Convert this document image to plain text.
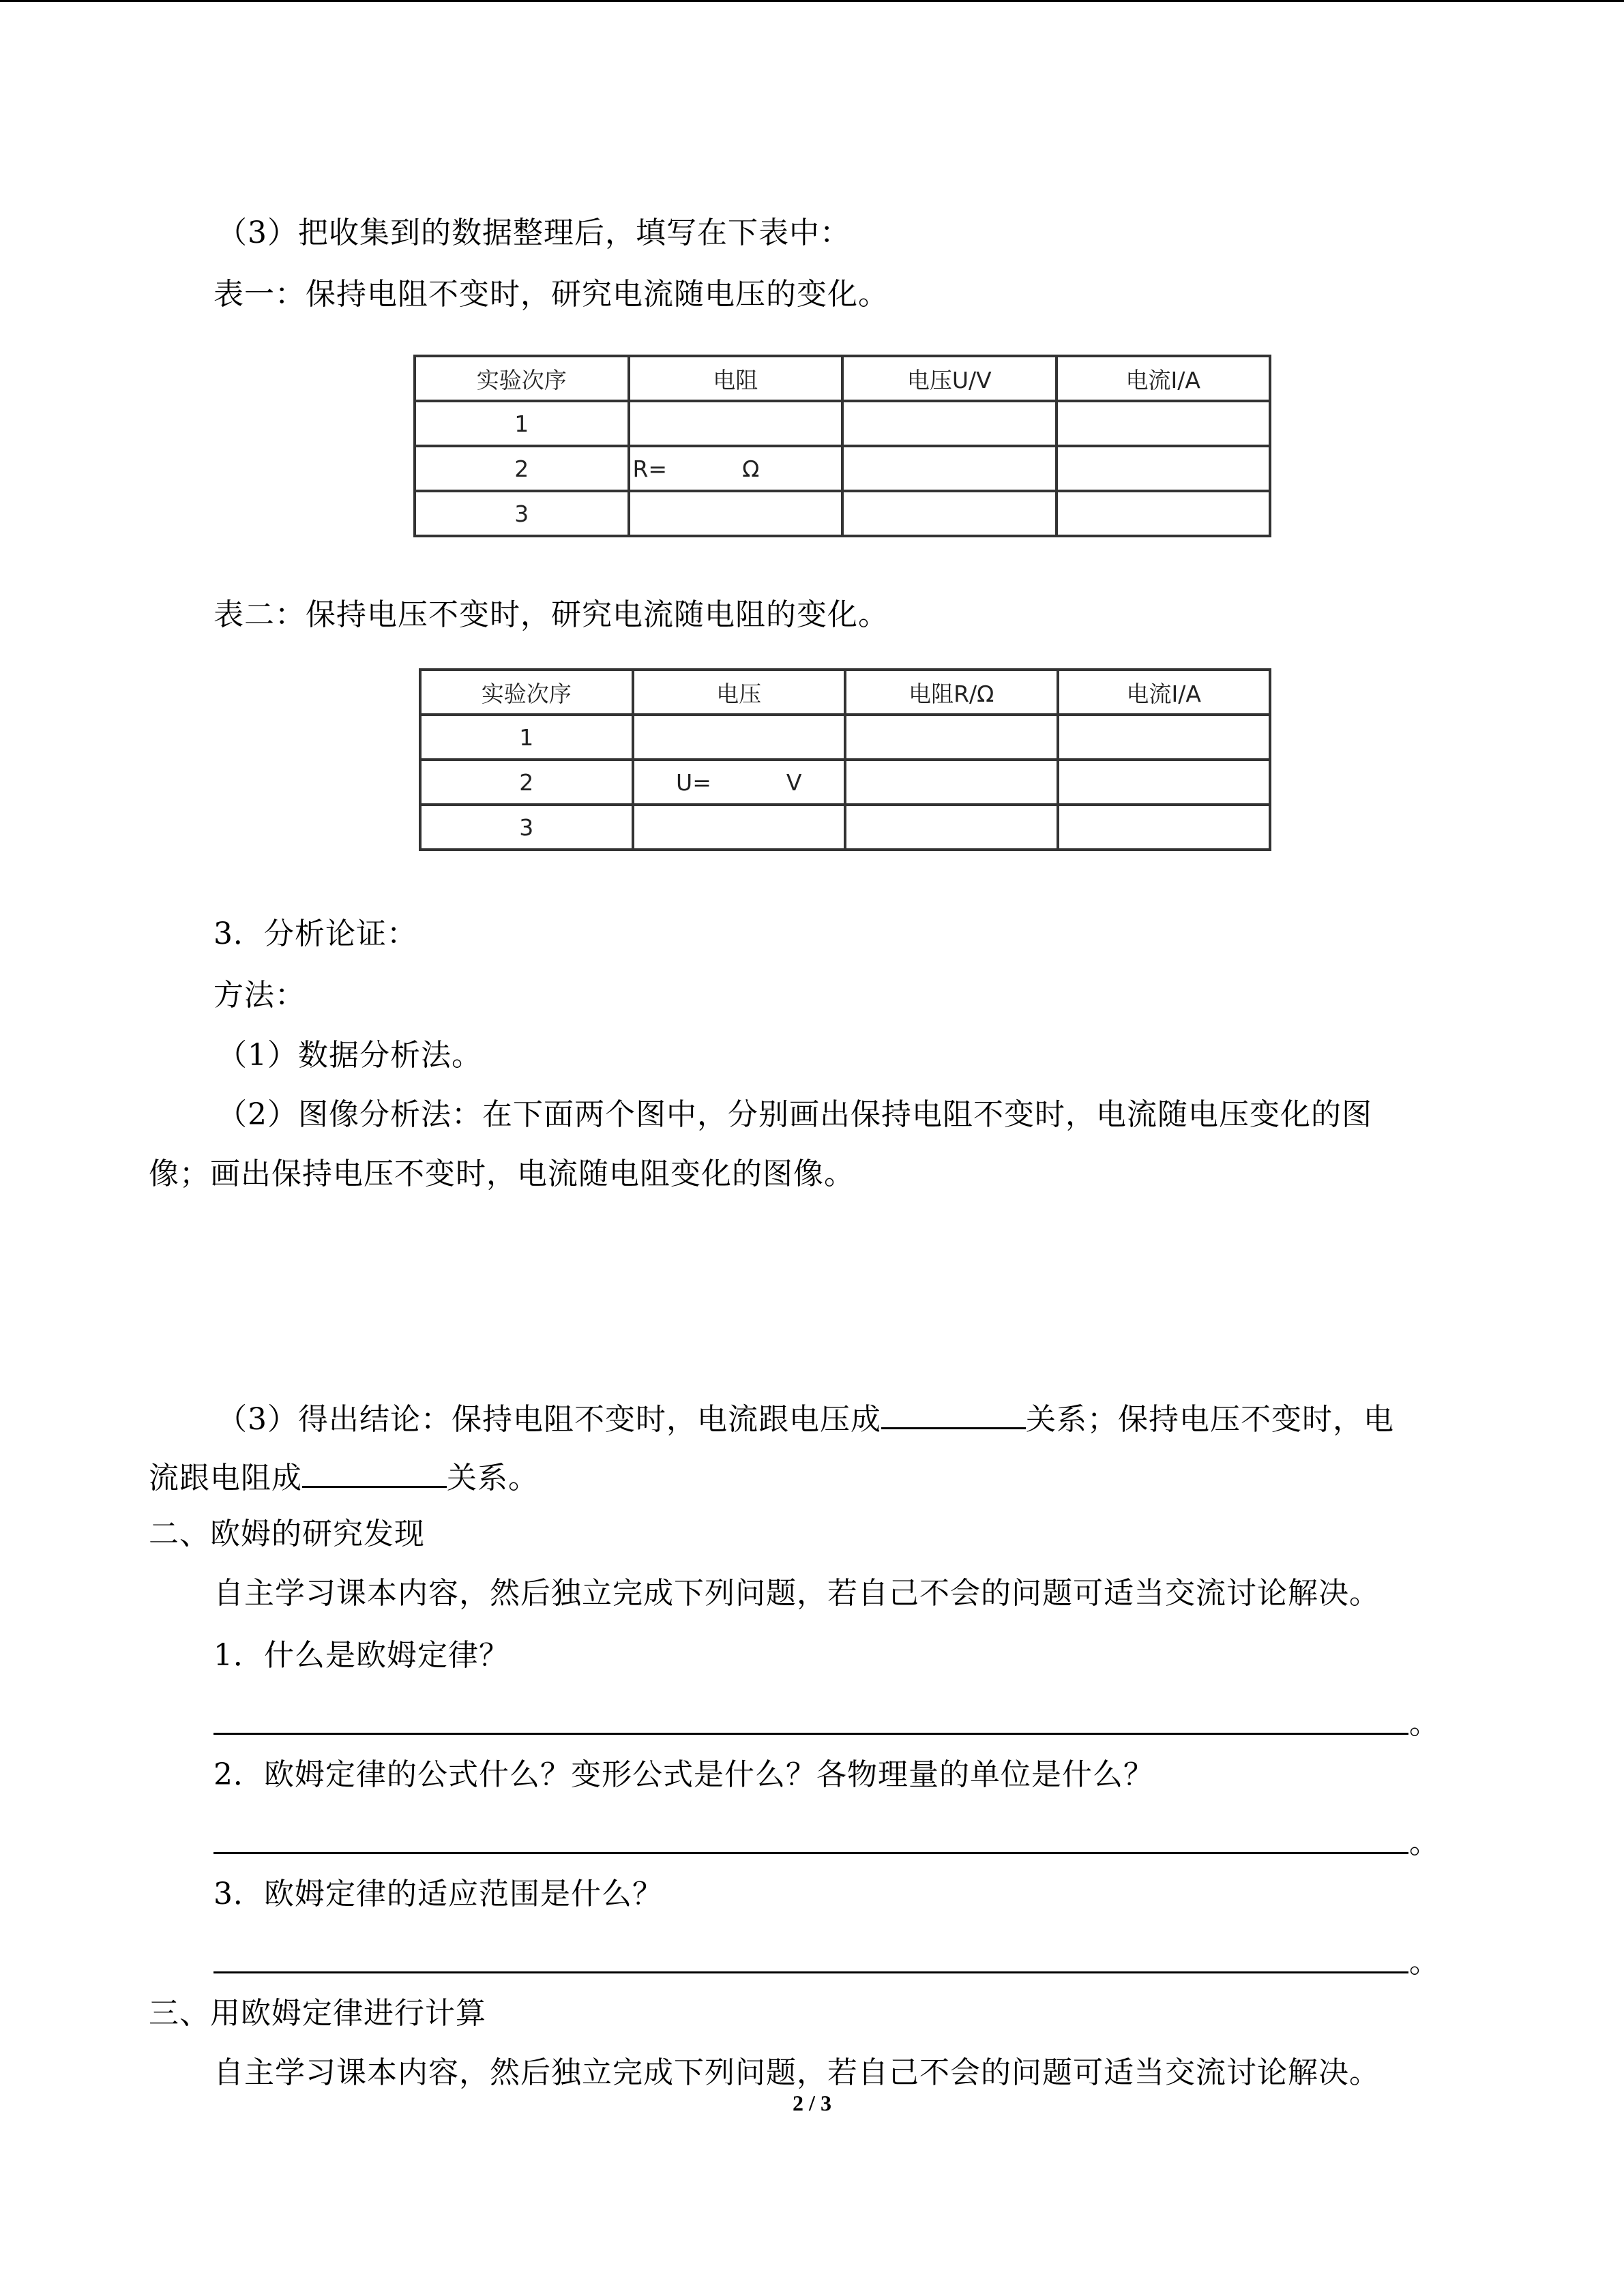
（3）把收集到的数据整理后，填写在下表中：
表一：保持电阻不变时，研究电流随电压的变化。
实验次序	电阻	电压U/V	电流I/A
1			
2	R= Ω		
3			
表二：保持电压不变时，研究电流随电阻的变化。
实验次序	电压	电阻R/Ω	电流I/A
1			
2	U= V		
3			
3．分析论证：
方法：
（1）数据分析法。
（2）图像分析法：在下面两个图中，分别画出保持电阻不变时，电流随电压变化的图
像；画出保持电压不变时，电流随电阻变化的图像。
（3）得出结论：保持电阻不变时，电流跟电压成	关系；保持电压不变时，电
流跟电阻成	关系。
二、欧姆的研究发现
自主学习课本内容，然后独立完成下列问题，若自己不会的问题可适当交流讨论解决。
1．什么是欧姆定律？
。
2．欧姆定律的公式什么？变形公式是什么？各物理量的单位是什么？
。
3．欧姆定律的适应范围是什么？
。
三、用欧姆定律进行计算
自主学习课本内容，然后独立完成下列问题，若自己不会的问题可适当交流讨论解决。
2 / 3
